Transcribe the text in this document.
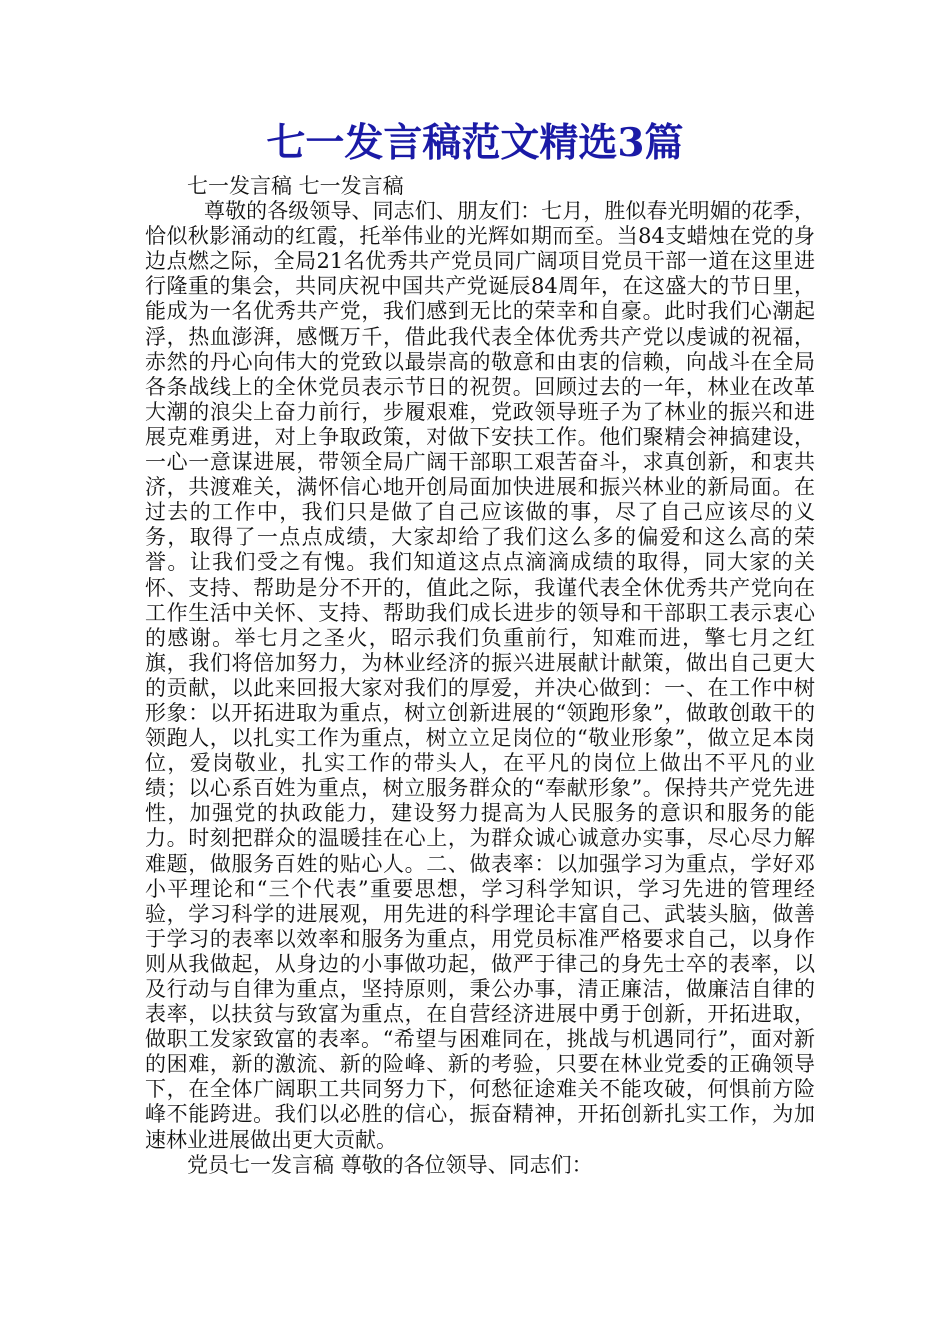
七一发言稿范文精选3篇

七一发言稿 七一发言稿

尊敬的各级领导、同志们、朋友们：七月，胜似春光明媚的花季，恰似秋影涌动的红霞，托举伟业的光辉如期而至。当84支蜡烛在党的身边点燃之际，全局21名优秀共产党员同广阔项目党员干部一道在这里进行隆重的集会，共同庆祝中国共产党诞辰84周年，在这盛大的节日里，能成为一名优秀共产党，我们感到无比的荣幸和自豪。此时我们心潮起浮，热血澎湃，感慨万千，借此我代表全体优秀共产党以虔诚的祝福，赤然的丹心向伟大的党致以最崇高的敬意和由衷的信赖，向战斗在全局各条战线上的全休党员表示节日的祝贺。回顾过去的一年，林业在改革大潮的浪尖上奋力前行，步履艰难，党政领导班子为了林业的振兴和进展克难勇进，对上争取政策，对做下安扶工作。他们聚精会神搞建设，一心一意谋进展，带领全局广阔干部职工艰苦奋斗，求真创新，和衷共济，共渡难关，满怀信心地开创局面加快进展和振兴林业的新局面。在过去的工作中，我们只是做了自己应该做的事，尽了自己应该尽的义务，取得了一点点成绩，大家却给了我们这么多的偏爱和这么高的荣誉。让我们受之有愧。我们知道这点点滴滴成绩的取得，同大家的关怀、支持、帮助是分不开的，值此之际，我谨代表全休优秀共产党向在工作生活中关怀、支持、帮助我们成长进步的领导和干部职工表示衷心的感谢。举七月之圣火，昭示我们负重前行，知难而进，擎七月之红旗，我们将倍加努力，为林业经济的振兴进展献计献策，做出自己更大的贡献，以此来回报大家对我们的厚爱，并决心做到：一、在工作中树形象：以开拓进取为重点，树立创新进展的“领跑形象”，做敢创敢干的领跑人，以扎实工作为重点，树立立足岗位的“敬业形象”，做立足本岗位，爱岗敬业，扎实工作的带头人，在平凡的岗位上做出不平凡的业绩；以心系百姓为重点，树立服务群众的“奉献形象”。保持共产党先进性，加强党的执政能力，建设努力提高为人民服务的意识和服务的能力。时刻把群众的温暖挂在心上，为群众诚心诚意办实事，尽心尽力解难题，做服务百姓的贴心人。二、做表率：以加强学习为重点，学好邓小平理论和“三个代表”重要思想，学习科学知识，学习先进的管理经验，学习科学的进展观，用先进的科学理论丰富自己、武装头脑，做善于学习的表率以效率和服务为重点，用党员标准严格要求自己，以身作则从我做起，从身边的小事做功起，做严于律己的身先士卒的表率，以及行动与自律为重点，坚持原则，秉公办事，清正廉洁，做廉洁自律的表率，以扶贫与致富为重点，在自营经济进展中勇于创新，开拓进取，做职工发家致富的表率。“希望与困难同在，挑战与机遇同行”，面对新的困难，新的激流、新的险峰、新的考验，只要在林业党委的正确领导下，在全体广阔职工共同努力下，何愁征途难关不能攻破，何惧前方险峰不能跨进。我们以必胜的信心，振奋精神，开拓创新扎实工作，为加速林业进展做出更大贡献。

党员七一发言稿 尊敬的各位领导、同志们：
